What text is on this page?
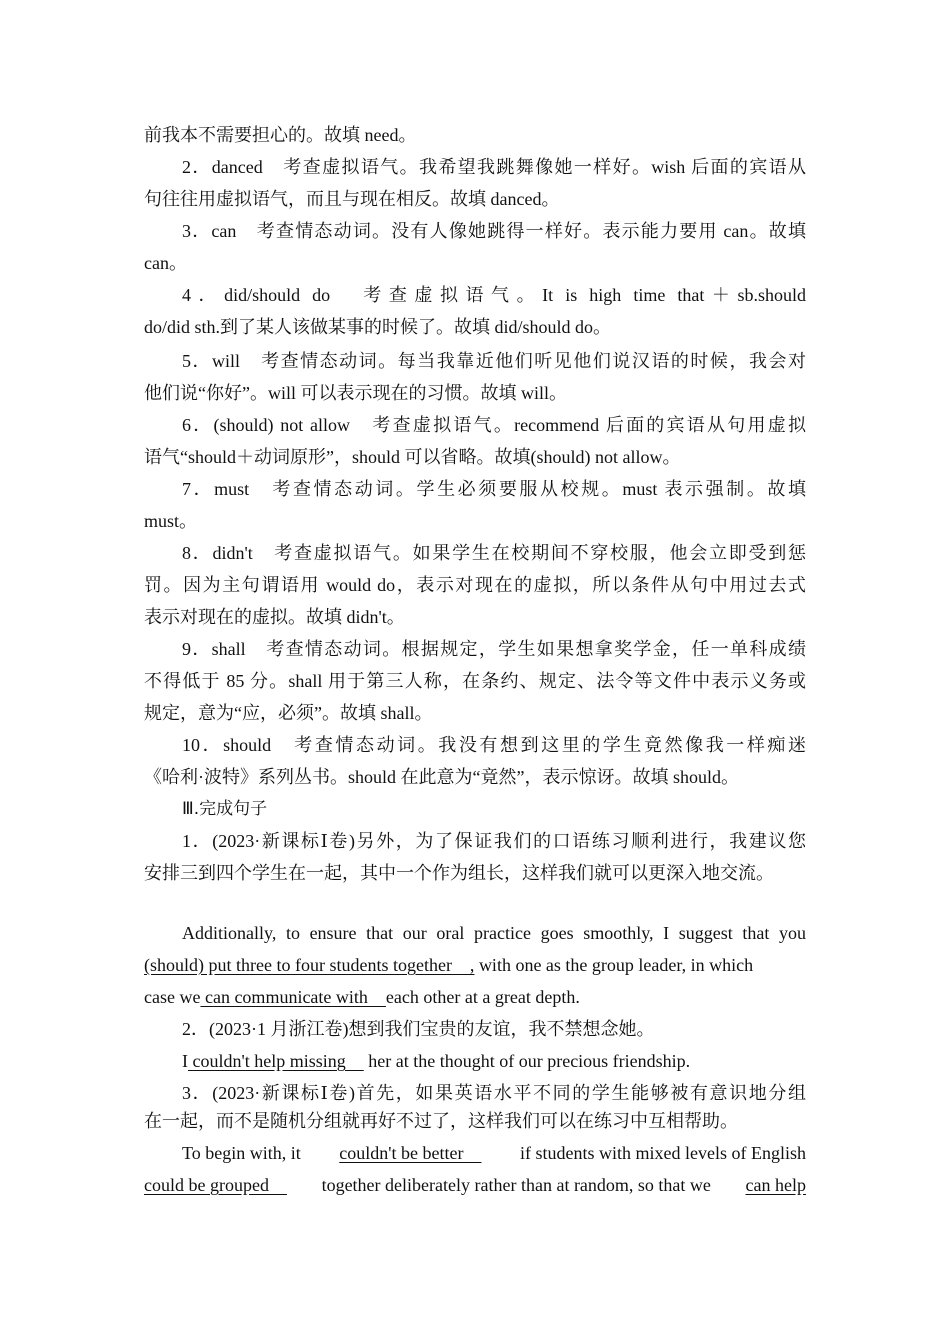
前我本不需要担心的。故填 need。
2．danced　考查虚拟语气。我希望我跳舞像她一样好。wish 后面的宾语从
句往往用虚拟语气，而且与现在相反。故填 danced。
3．can　考查情态动词。没有人像她跳得一样好。表示能力要用 can。故填
can。
4．did/should do　考查虚拟语气。It is high time that＋sb.should
do/did sth.到了某人该做某事的时候了。故填 did/should do。
5．will　考查情态动词。每当我靠近他们听见他们说汉语的时候，我会对
他们说“你好”。will 可以表示现在的习惯。故填 will。
6．(should) not allow　考查虚拟语气。recommend 后面的宾语从句用虚拟
语气“should＋动词原形”，should 可以省略。故填(should) not allow。
7．must　考查情态动词。学生必须要服从校规。must 表示强制。故填
must。
8．didn't　考查虚拟语气。如果学生在校期间不穿校服，他会立即受到惩
罚。因为主句谓语用 would do，表示对现在的虚拟，所以条件从句中用过去式
表示对现在的虚拟。故填 didn't。
9．shall　考查情态动词。根据规定，学生如果想拿奖学金，任一单科成绩
不得低于 85 分。shall 用于第三人称，在条约、规定、法令等文件中表示义务或
规定，意为“应，必须”。故填 shall。
10．should　考查情态动词。我没有想到这里的学生竟然像我一样痴迷
《哈利·波特》系列丛书。should 在此意为“竟然”，表示惊讶。故填 should。
Ⅲ.完成句子
1．(2023·新课标Ⅰ卷)另外，为了保证我们的口语练习顺利进行，我建议您
安排三到四个学生在一起，其中一个作为组长，这样我们就可以更深入地交流。
Additionally, to ensure that our oral practice goes smoothly, I suggest that you
(should) put three to four students together　, with one as the group leader, in which
case we can communicate with　each other at a great depth.
2．(2023·1 月浙江卷)想到我们宝贵的友谊，我不禁想念她。
I couldn't help missing　 her at the thought of our precious friendship.
3．(2023·新课标Ⅰ卷)首先，如果英语水平不同的学生能够被有意识地分组
在一起，而不是随机分组就再好不过了，这样我们可以在练习中互相帮助。
To begin with, it couldn't be better　 if students with mixed levels of English
could be grouped　 together deliberately rather than at random, so that we can help
